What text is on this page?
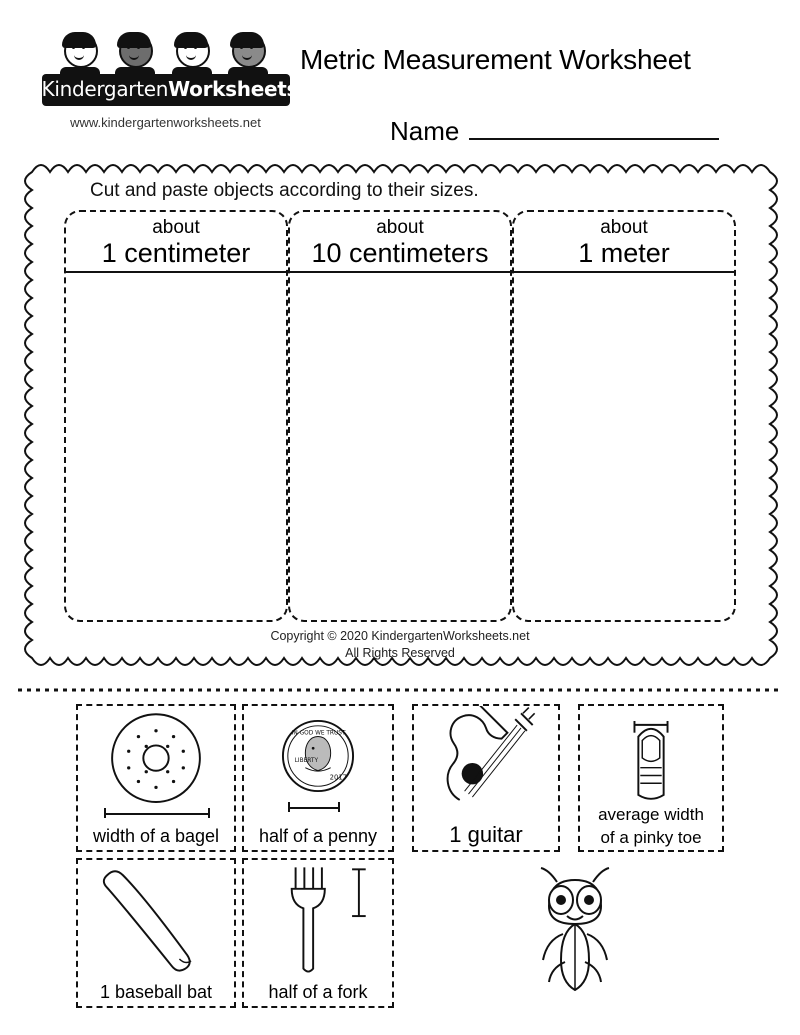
KindergartenWorksheets.net
www.kindergartenworksheets.net
Metric Measurement Worksheet
Name
Cut and paste objects according to their sizes.
about
1 centimeter
about
10 centimeters
about
1 meter
Copyright © 2020 KindergartenWorksheets.net
All Rights Reserved
width of a bagel
LIBERTY
2017
IN GOD WE TRUST
half of a penny	1 guitar
average width
of a pinky toe
1 baseball bat	half of a fork
